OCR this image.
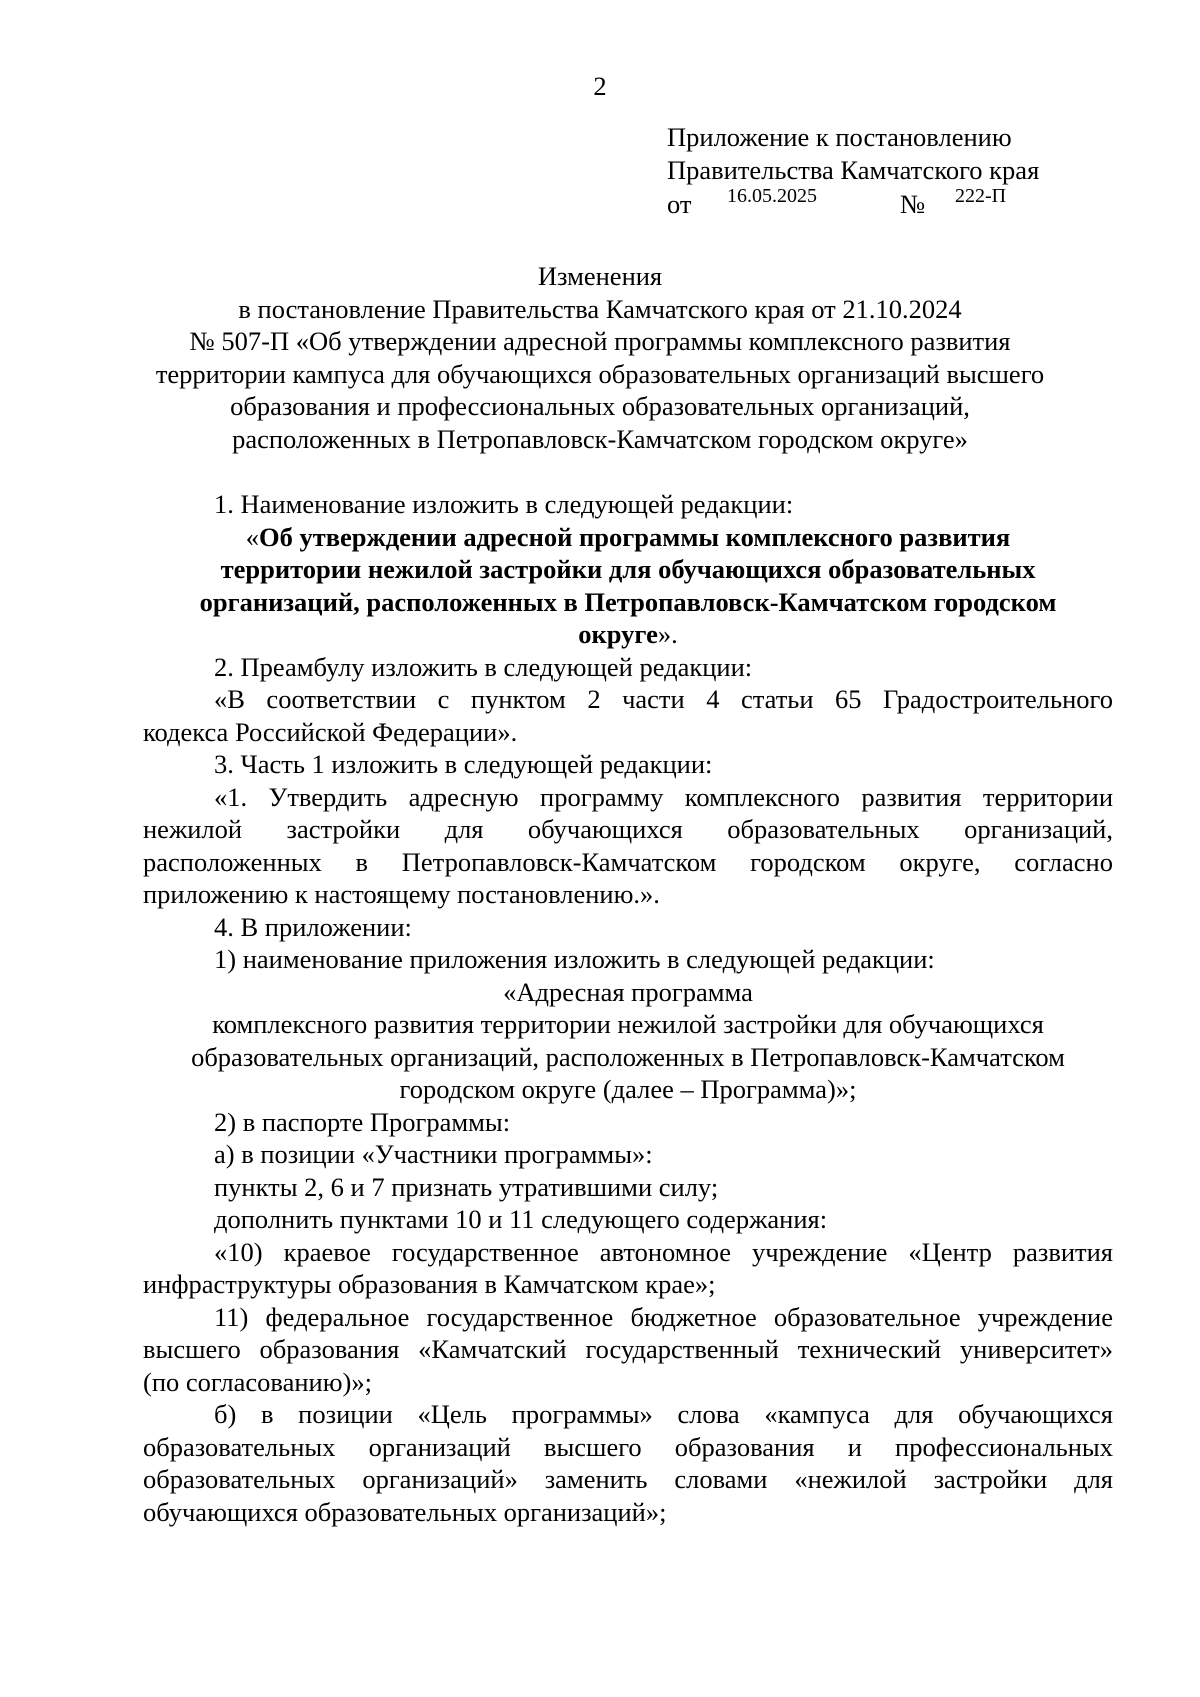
2
Приложение к постановлению
Правительства Камчатского края
от 16.05.2025	№ 222-П
Изменения
в постановление Правительства Камчатского края от 21.10.2024
№ 507-П «Об утверждении адресной программы комплексного развития
территории кампуса для обучающихся образовательных организаций высшего
образования и профессиональных образовательных организаций,
расположенных в Петропавловск-Камчатском городском округе»

1. Наименование изложить в следующей редакции:

«Об утверждении адресной программы комплексного развития
территории нежилой застройки для обучающихся образовательных
организаций, расположенных в Петропавловск-Камчатском городском
округе».

2. Преамбулу изложить в следующей редакции:

«В соответствии с пунктом 2 части 4 статьи 65 Градостроительного
кодекса Российской Федерации».

3. Часть 1 изложить в следующей редакции:

«1. Утвердить адресную программу комплексного развития территории
нежилой застройки для обучающихся образовательных организаций,
расположенных в Петропавловск-Камчатском городском округе, согласно
приложению к настоящему постановлению.».

4. В приложении:

1) наименование приложения изложить в следующей редакции:

«Адресная программа
комплексного развития территории нежилой застройки для обучающихся
образовательных организаций, расположенных в Петропавловск-Камчатском
городском округе (далее – Программа)»;

2) в паспорте Программы:

а) в позиции «Участники программы»:

пункты 2, 6 и 7 признать утратившими силу;

дополнить пунктами 10 и 11 следующего содержания:

«10) краевое государственное автономное учреждение «Центр развития
инфраструктуры образования в Камчатском крае»;
11) федеральное государственное бюджетное образовательное учреждение
высшего образования «Камчатский государственный технический университет»
(по согласованию)»;
б) в позиции «Цель программы» слова «кампуса для обучающихся
образовательных организаций высшего образования и профессиональных
образовательных организаций» заменить словами «нежилой застройки для
обучающихся образовательных организаций»;
